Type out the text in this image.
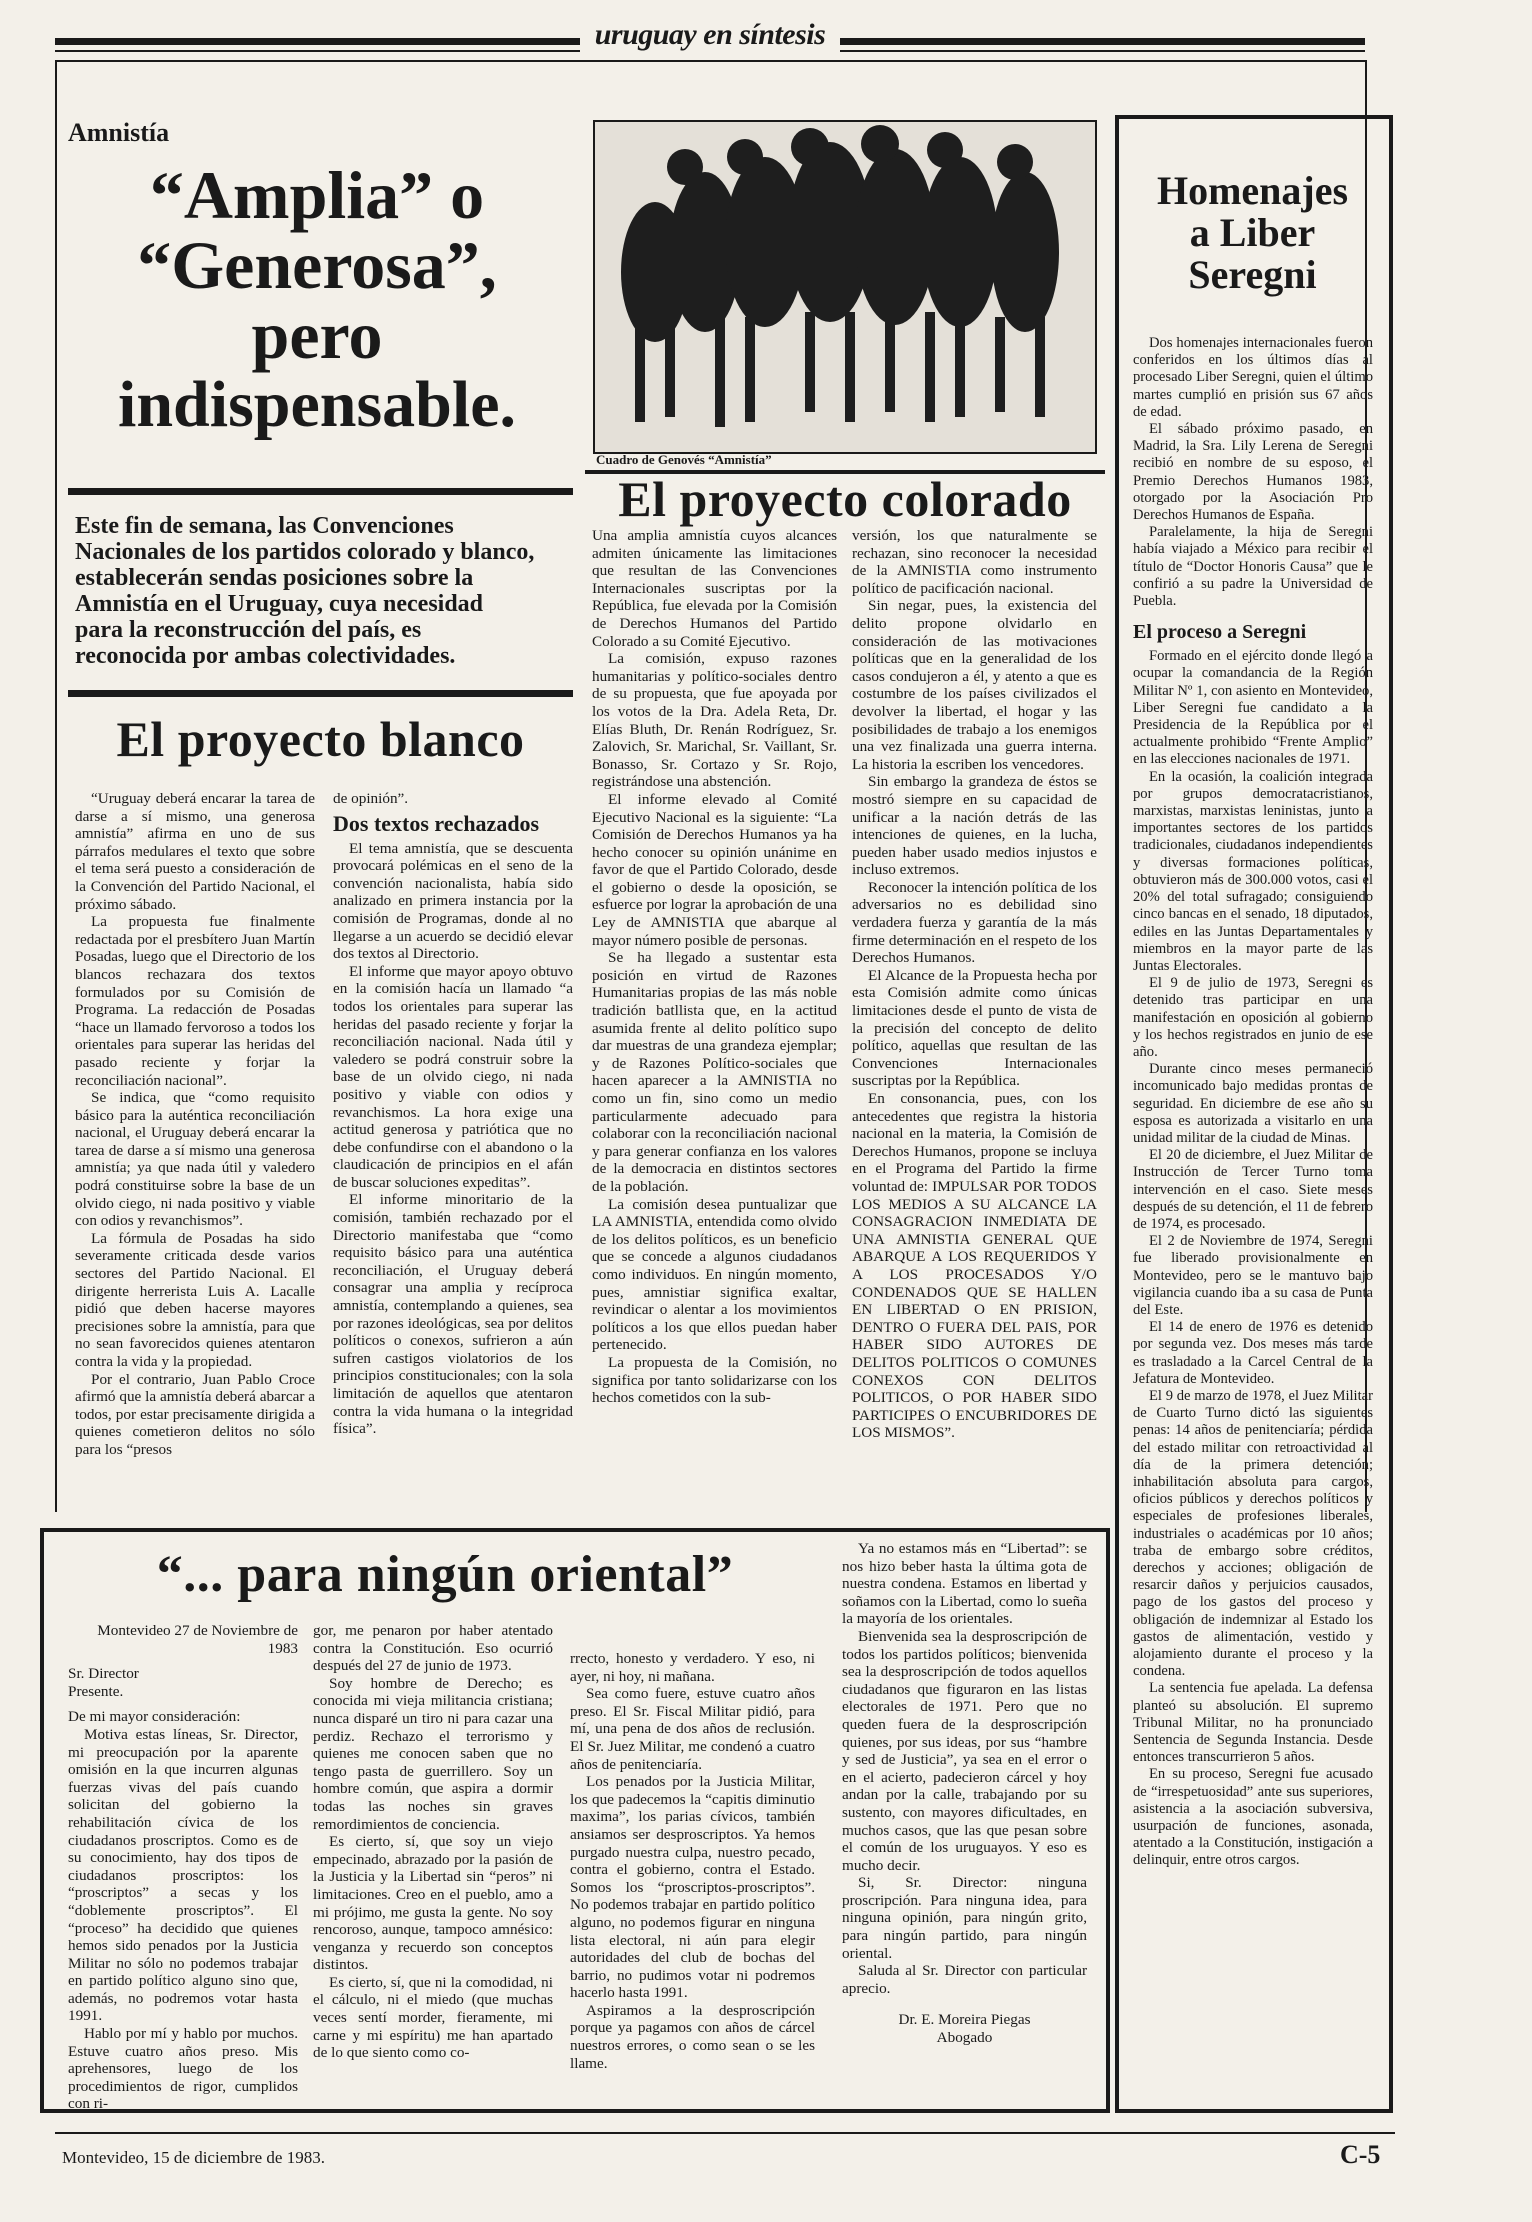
uruguay en síntesis
Amnistía
“Amplia” o
“Generosa”,
pero
indispensable.
Cuadro de Genovés “Amnistía”
Este fin de semana, las Convenciones Nacionales de los partidos colorado y blanco, establecerán sendas posiciones sobre la Amnistía en el Uruguay, cuya necesidad para la reconstrucción del país, es reconocida por ambas colectividades.
El proyecto blanco

“Uruguay deberá encarar la tarea de darse a sí mismo, una generosa amnistía” afirma en uno de sus párrafos medulares el texto que sobre el tema será puesto a consideración de la Convención del Partido Nacional, el próximo sábado.

La propuesta fue finalmente redactada por el presbítero Juan Martín Posadas, luego que el Directorio de los blancos rechazara dos textos formulados por su Comisión de Programa. La redacción de Posadas “hace un llamado fervoroso a todos los orientales para superar las heridas del pasado reciente y forjar la reconciliación nacional”.

Se indica, que “como requisito básico para la auténtica reconciliación nacional, el Uruguay deberá encarar la tarea de darse a sí mismo una generosa amnistía; ya que nada útil y valedero podrá constituirse sobre la base de un olvido ciego, ni nada positivo y viable con odios y revanchismos”.

La fórmula de Posadas ha sido severamente criticada desde varios sectores del Partido Nacional. El dirigente herrerista Luis A. Lacalle pidió que deben hacerse mayores precisiones sobre la amnistía, para que no sean favorecidos quienes atentaron contra la vida y la propiedad.

Por el contrario, Juan Pablo Croce afirmó que la amnistía deberá abarcar a todos, por estar precisamente dirigida a quienes cometieron delitos no sólo para los “presos

de opinión”.

Dos textos rechazados

El tema amnistía, que se descuenta provocará polémicas en el seno de la convención nacionalista, había sido analizado en primera instancia por la comisión de Programas, donde al no llegarse a un acuerdo se decidió elevar dos textos al Directorio.

El informe que mayor apoyo obtuvo en la comisión hacía un llamado “a todos los orientales para superar las heridas del pasado reciente y forjar la reconciliación nacional. Nada útil y valedero se podrá construir sobre la base de un olvido ciego, ni nada positivo y viable con odios y revanchismos. La hora exige una actitud generosa y patriótica que no debe confundirse con el abandono o la claudicación de principios en el afán de buscar soluciones expeditas”.

El informe minoritario de la comisión, también rechazado por el Directorio manifestaba que “como requisito básico para una auténtica reconciliación, el Uruguay deberá consagrar una amplia y recíproca amnistía, contemplando a quienes, sea por razones ideológicas, sea por delitos políticos o conexos, sufrieron a aún sufren castigos violatorios de los principios constitucionales; con la sola limitación de aquellos que atentaron contra la vida humana o la integridad física”.

El proyecto colorado

Una amplia amnistía cuyos alcances admiten únicamente las limitaciones que resultan de las Convenciones Internacionales suscriptas por la República, fue elevada por la Comisión de Derechos Humanos del Partido Colorado a su Comité Ejecutivo.

La comisión, expuso razones humanitarias y político-sociales dentro de su propuesta, que fue apoyada por los votos de la Dra. Adela Reta, Dr. Elías Bluth, Dr. Renán Rodríguez, Sr. Zalovich, Sr. Marichal, Sr. Vaillant, Sr. Bonasso, Sr. Cortazo y Sr. Rojo, registrándose una abstención.

El informe elevado al Comité Ejecutivo Nacional es la siguiente: “La Comisión de Derechos Humanos ya ha hecho conocer su opinión unánime en favor de que el Partido Colorado, desde el gobierno o desde la oposición, se esfuerce por lograr la aprobación de una Ley de AMNISTIA que abarque al mayor número posible de personas.

Se ha llegado a sustentar esta posición en virtud de Razones Humanitarias propias de las más noble tradición batllista que, en la actitud asumida frente al delito político supo dar muestras de una grandeza ejemplar; y de Razones Político-sociales que hacen aparecer a la AMNISTIA no como un fin, sino como un medio particularmente adecuado para colaborar con la reconciliación nacional y para generar confianza en los valores de la democracia en distintos sectores de la población.

La comisión desea puntualizar que LA AMNISTIA, entendida como olvido de los delitos políticos, es un beneficio que se concede a algunos ciudadanos como individuos. En ningún momento, pues, amnistiar significa exaltar, revindicar o alentar a los movimientos políticos a los que ellos puedan haber pertenecido.

La propuesta de la Comisión, no significa por tanto solidarizarse con los hechos cometidos con la sub-

versión, los que naturalmente se rechazan, sino reconocer la necesidad de la AMNISTIA como instrumento político de pacificación nacional.

Sin negar, pues, la existencia del delito propone olvidarlo en consideración de las motivaciones políticas que en la generalidad de los casos condujeron a él, y atento a que es costumbre de los países civilizados el devolver la libertad, el hogar y las posibilidades de trabajo a los enemigos una vez finalizada una guerra interna. La historia la escriben los vencedores.

Sin embargo la grandeza de éstos se mostró siempre en su capacidad de unificar a la nación detrás de las intenciones de quienes, en la lucha, pueden haber usado medios injustos e incluso extremos.

Reconocer la intención política de los adversarios no es debilidad sino verdadera fuerza y garantía de la más firme determinación en el respeto de los Derechos Humanos.

El Alcance de la Propuesta hecha por esta Comisión admite como únicas limitaciones desde el punto de vista de la precisión del concepto de delito político, aquellas que resultan de las Convenciones Internacionales suscriptas por la República.

En consonancia, pues, con los antecedentes que registra la historia nacional en la materia, la Comisión de Derechos Humanos, propone se incluya en el Programa del Partido la firme voluntad de: IMPULSAR POR TODOS LOS MEDIOS A SU ALCANCE LA CONSAGRACION INMEDIATA DE UNA AMNISTIA GENERAL QUE ABARQUE A LOS REQUERIDOS Y A LOS PROCESADOS Y/O CONDENADOS QUE SE HALLEN EN LIBERTAD O EN PRISION, DENTRO O FUERA DEL PAIS, POR HABER SIDO AUTORES DE DELITOS POLITICOS O COMUNES CONEXOS CON DELITOS POLITICOS, O POR HABER SIDO PARTICIPES O ENCUBRIDORES DE LOS MISMOS”.

Homenajes
a Liber
Seregni

Dos homenajes internacionales fueron conferidos en los últimos días al procesado Liber Seregni, quien el último martes cumplió en prisión sus 67 años de edad.

El sábado próximo pasado, en Madrid, la Sra. Lily Lerena de Seregni recibió en nombre de su esposo, el Premio Derechos Humanos 1983, otorgado por la Asociación Pro Derechos Humanos de España.

Paralelamente, la hija de Seregni había viajado a México para recibir el título de “Doctor Honoris Causa” que le confirió a su padre la Universidad de Puebla.

El proceso a Seregni

Formado en el ejército donde llegó a ocupar la comandancia de la Región Militar Nº 1, con asiento en Montevideo, Liber Seregni fue candidato a la Presidencia de la República por el actualmente prohibido “Frente Amplio” en las elecciones nacionales de 1971.

En la ocasión, la coalición integrada por grupos democratacristianos, marxistas, marxistas leninistas, junto a importantes sectores de los partidos tradicionales, ciudadanos independientes y diversas formaciones políticas, obtuvieron más de 300.000 votos, casi el 20% del total sufragado; consiguiendo cinco bancas en el senado, 18 diputados, ediles en las Juntas Departamentales y miembros en la mayor parte de las Juntas Electorales.

El 9 de julio de 1973, Seregni es detenido tras participar en una manifestación en oposición al gobierno y los hechos registrados en junio de ese año.

Durante cinco meses permaneció incomunicado bajo medidas prontas de seguridad. En diciembre de ese año su esposa es autorizada a visitarlo en una unidad militar de la ciudad de Minas.

El 20 de diciembre, el Juez Militar de Instrucción de Tercer Turno toma intervención en el caso. Siete meses después de su detención, el 11 de febrero de 1974, es procesado.

El 2 de Noviembre de 1974, Seregni fue liberado provisionalmente en Montevideo, pero se le mantuvo bajo vigilancia cuando iba a su casa de Punta del Este.

El 14 de enero de 1976 es detenido por segunda vez. Dos meses más tarde es trasladado a la Carcel Central de la Jefatura de Montevideo.

El 9 de marzo de 1978, el Juez Militar de Cuarto Turno dictó las siguientes penas: 14 años de penitenciaría; pérdida del estado militar con retroactividad al día de la primera detención; inhabilitación absoluta para cargos, oficios públicos y derechos políticos y especiales de profesiones liberales, industriales o académicas por 10 años; traba de embargo sobre créditos, derechos y acciones; obligación de resarcir daños y perjuicios causados, pago de los gastos del proceso y obligación de indemnizar al Estado los gastos de alimentación, vestido y alojamiento durante el proceso y la condena.

La sentencia fue apelada. La defensa planteó su absolución. El supremo Tribunal Militar, no ha pronunciado Sentencia de Segunda Instancia. Desde entonces transcurrieron 5 años.

En su proceso, Seregni fue acusado de “irrespetuosidad” ante sus superiores, asistencia a la asociación subversiva, usurpación de funciones, asonada, atentado a la Constitución, instigación a delinquir, entre otros cargos.

“... para ningún oriental”

Montevideo 27 de Noviembre de 1983

Sr. Director

Presente.

De mi mayor consideración:

Motiva estas líneas, Sr. Director, mi preocupación por la aparente omisión en la que incurren algunas fuerzas vivas del país cuando solicitan del gobierno la rehabilitación cívica de los ciudadanos proscriptos. Como es de su conocimiento, hay dos tipos de ciudadanos proscriptos: los “proscriptos” a secas y los “doblemente proscriptos”. El “proceso” ha decidido que quienes hemos sido penados por la Justicia Militar no sólo no podemos trabajar en partido político alguno sino que, además, no podremos votar hasta 1991.

Hablo por mí y hablo por muchos. Estuve cuatro años preso. Mis aprehensores, luego de los procedimientos de rigor, cumplidos con ri-

gor, me penaron por haber atentado contra la Constitución. Eso ocurrió después del 27 de junio de 1973.

Soy hombre de Derecho; es conocida mi vieja militancia cristiana; nunca disparé un tiro ni para cazar una perdiz. Rechazo el terrorismo y quienes me conocen saben que no tengo pasta de guerrillero. Soy un hombre común, que aspira a dormir todas las noches sin graves remordimientos de conciencia.

Es cierto, sí, que soy un viejo empecinado, abrazado por la pasión de la Justicia y la Libertad sin “peros” ni limitaciones. Creo en el pueblo, amo a mi prójimo, me gusta la gente. No soy rencoroso, aunque, tampoco amnésico: venganza y recuerdo son conceptos distintos.

Es cierto, sí, que ni la comodidad, ni el cálculo, ni el miedo (que muchas veces sentí morder, fieramente, mi carne y mi espíritu) me han apartado de lo que siento como co-

rrecto, honesto y verdadero. Y eso, ni ayer, ni hoy, ni mañana.

Sea como fuere, estuve cuatro años preso. El Sr. Fiscal Militar pidió, para mí, una pena de dos años de reclusión. El Sr. Juez Militar, me condenó a cuatro años de penitenciaría.

Los penados por la Justicia Militar, los que padecemos la “capitis diminutio maxima”, los parias cívicos, también ansiamos ser desproscriptos. Ya hemos purgado nuestra culpa, nuestro pecado, contra el gobierno, contra el Estado. Somos los “proscriptos-proscriptos”. No podemos trabajar en partido político alguno, no podemos figurar en ninguna lista electoral, ni aún para elegir autoridades del club de bochas del barrio, no pudimos votar ni podremos hacerlo hasta 1991.

Aspiramos a la desproscripción porque ya pagamos con años de cárcel nuestros errores, o como sean o se les llame.

Ya no estamos más en “Libertad”: se nos hizo beber hasta la última gota de nuestra condena. Estamos en libertad y soñamos con la Libertad, como lo sueña la mayoría de los orientales.

Bienvenida sea la desproscripción de todos los partidos políticos; bienvenida sea la desproscripción de todos aquellos ciudadanos que figuraron en las listas electorales de 1971. Pero que no queden fuera de la desproscripción quienes, por sus ideas, por sus “hambre y sed de Justicia”, ya sea en el error o en el acierto, padecieron cárcel y hoy andan por la calle, trabajando por su sustento, con mayores dificultades, en muchos casos, que las que pesan sobre el común de los uruguayos. Y eso es mucho decir.

Si, Sr. Director: ninguna proscripción. Para ninguna idea, para ninguna opinión, para ningún grito, para ningún partido, para ningún oriental.

Saluda al Sr. Director con particular aprecio.

Dr. E. Moreira Piegas
Abogado
Montevideo, 15 de diciembre de 1983.	C-5
